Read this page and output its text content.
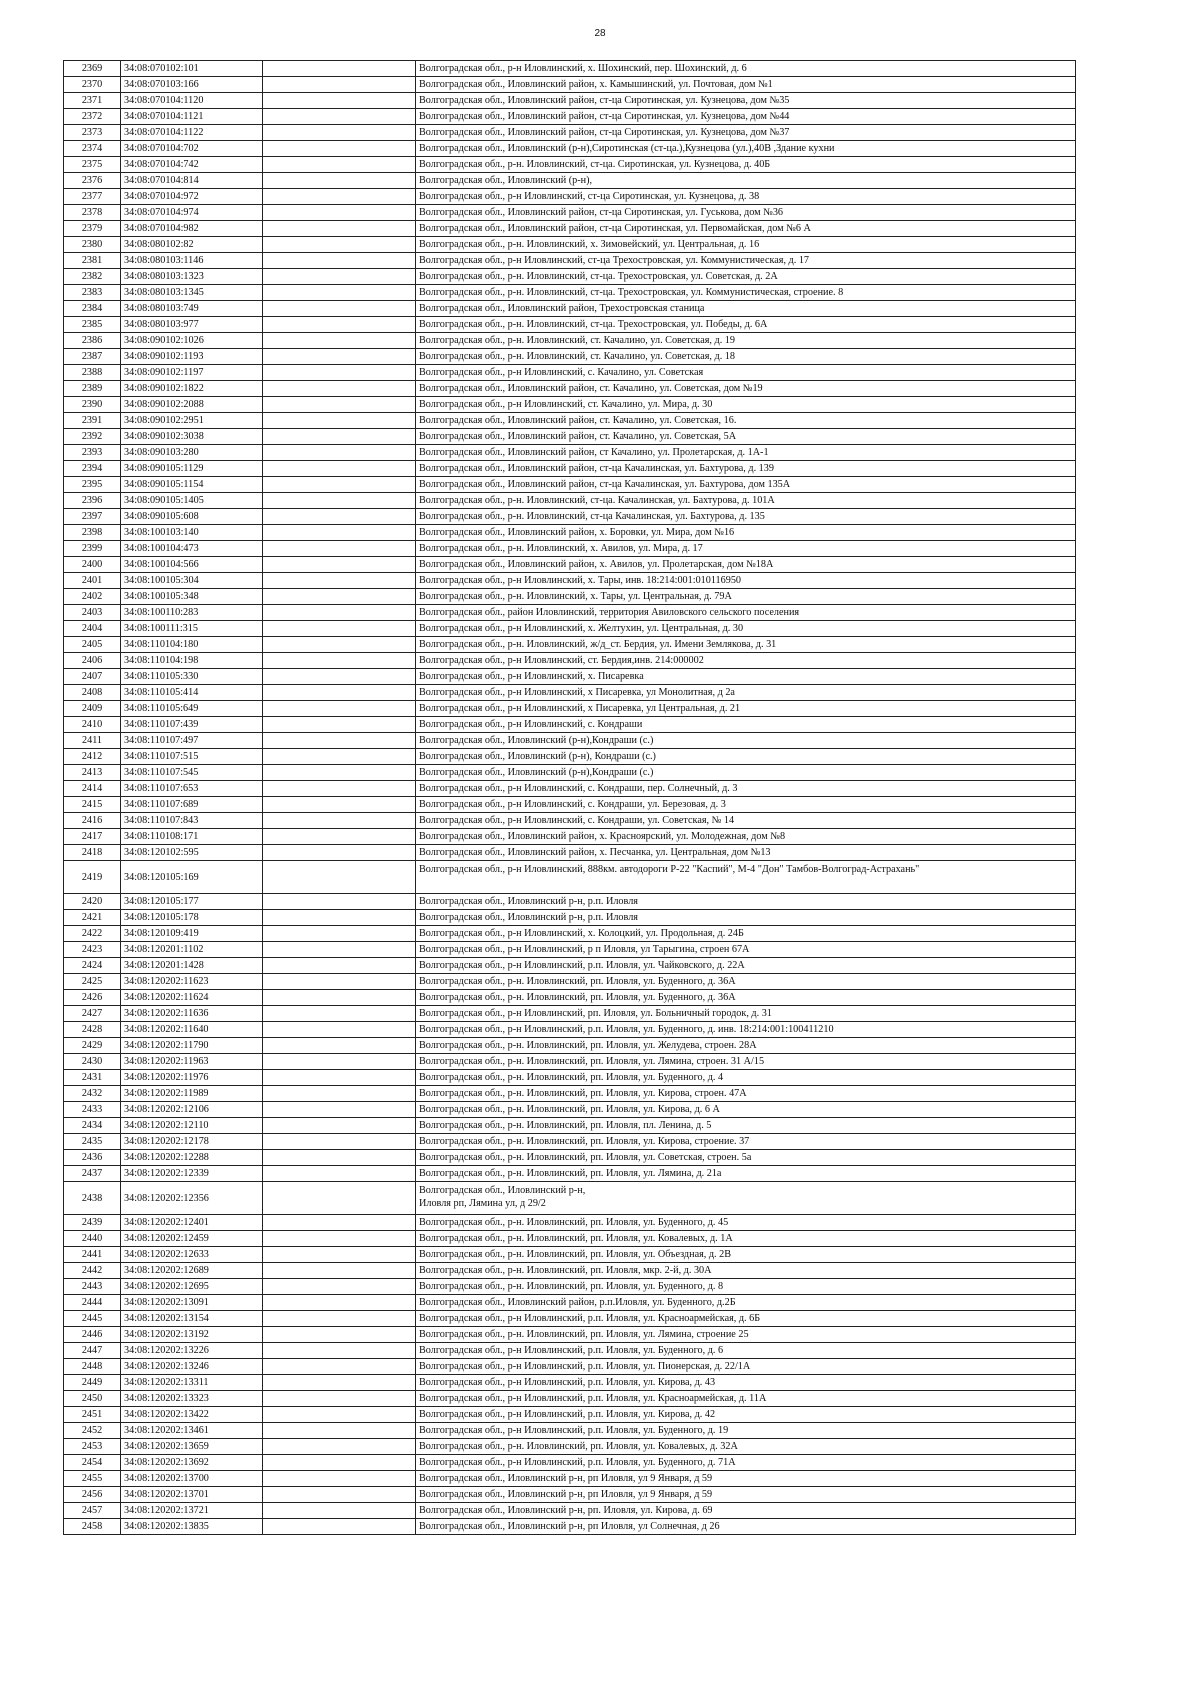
28
2369	34:08:070102:101		Волгоградская обл., р-н Иловлинский, х. Шохинский, пер. Шохинский, д. 6

2370	34:08:070103:166		Волгоградская обл., Иловлинский район, х. Камышинский, ул. Почтовая, дом №1

2371	34:08:070104:1120		Волгоградская обл., Иловлинский район, ст-ца Сиротинская, ул. Кузнецова, дом №35

2372	34:08:070104:1121		Волгоградская обл., Иловлинский район, ст-ца Сиротинская, ул. Кузнецова, дом №44

2373	34:08:070104:1122		Волгоградская обл., Иловлинский район, ст-ца Сиротинская, ул. Кузнецова, дом №37

2374	34:08:070104:702		Волгоградская обл., Иловлинский (р-н),Сиротинская (ст-ца.),Кузнецова (ул.),40В ,Здание кухни

2375	34:08:070104:742		Волгоградская обл., р-н. Иловлинский, ст-ца. Сиротинская, ул. Кузнецова, д. 40Б

2376	34:08:070104:814		Волгоградская обл., Иловлинский (р-н),

2377	34:08:070104:972		Волгоградская обл., р-н Иловлинский, ст-ца Сиротинская, ул. Кузнецова, д. 38

2378	34:08:070104:974		Волгоградская обл., Иловлинский район, ст-ца Сиротинская, ул. Гуськова, дом №36

2379	34:08:070104:982		Волгоградская обл., Иловлинский район, ст-ца Сиротинская, ул. Первомайская, дом №6 А

2380	34:08:080102:82		Волгоградская обл., р-н. Иловлинский, х. Зимовейский, ул. Центральная, д. 16

2381	34:08:080103:1146		Волгоградская обл., р-н Иловлинский, ст-ца Трехостровская, ул. Коммунистическая, д. 17

2382	34:08:080103:1323		Волгоградская обл., р-н. Иловлинский, ст-ца. Трехостровская, ул. Советская, д. 2А

2383	34:08:080103:1345		Волгоградская обл., р-н. Иловлинский, ст-ца. Трехостровская, ул. Коммунистическая, строение. 8

2384	34:08:080103:749		Волгоградская обл., Иловлинский район, Трехостровская станица

2385	34:08:080103:977		Волгоградская обл., р-н. Иловлинский, ст-ца. Трехостровская, ул. Победы, д. 6А

2386	34:08:090102:1026		Волгоградская обл., р-н. Иловлинский, ст. Качалино, ул. Советская, д. 19

2387	34:08:090102:1193		Волгоградская обл., р-н. Иловлинский, ст. Качалино, ул. Советская, д. 18

2388	34:08:090102:1197		Волгоградская обл., р-н Иловлинский, с. Качалино, ул. Советская

2389	34:08:090102:1822		Волгоградская обл., Иловлинский район, ст. Качалино, ул. Советская, дом №19

2390	34:08:090102:2088		Волгоградская обл., р-н Иловлинский, ст. Качалино, ул. Мира, д. 30

2391	34:08:090102:2951		Волгоградская обл., Иловлинский район, ст. Качалино, ул. Советская, 16.

2392	34:08:090102:3038		Волгоградская обл., Иловлинский район, ст. Качалино, ул. Советская, 5А

2393	34:08:090103:280		Волгоградская обл., Иловлинский район, ст Качалино, ул. Пролетарская, д. 1А-1

2394	34:08:090105:1129		Волгоградская обл., Иловлинский район, ст-ца Качалинская, ул. Бахтурова, д. 139

2395	34:08:090105:1154		Волгоградская обл., Иловлинский район, ст-ца Качалинская, ул. Бахтурова, дом 135А

2396	34:08:090105:1405		Волгоградская обл., р-н. Иловлинский, ст-ца. Качалинская, ул. Бахтурова, д. 101А

2397	34:08:090105:608		Волгоградская обл., р-н. Иловлинский, ст-ца Качалинская, ул. Бахтурова, д. 135

2398	34:08:100103:140		Волгоградская обл., Иловлинский район, х. Боровки, ул. Мира, дом №16

2399	34:08:100104:473		Волгоградская обл., р-н. Иловлинский, х. Авилов, ул. Мира, д. 17

2400	34:08:100104:566		Волгоградская обл., Иловлинский район, х. Авилов, ул. Пролетарская, дом №18А

2401	34:08:100105:304		Волгоградская обл., р-н Иловлинский, х. Тары, инв. 18:214:001:010116950

2402	34:08:100105:348		Волгоградская обл., р-н. Иловлинский, х. Тары, ул. Центральная, д. 79А

2403	34:08:100110:283		Волгоградская обл., район Иловлинский, территория Авиловского сельского поселения

2404	34:08:100111:315		Волгоградская обл., р-н Иловлинский, х. Желтухин, ул. Центральная, д. 30

2405	34:08:110104:180		Волгоградская обл., р-н. Иловлинский, ж/д_ст. Бердия, ул. Имени Землякова, д. 31

2406	34:08:110104:198		Волгоградская обл., р-н Иловлинский, ст. Бердия,инв. 214:000002

2407	34:08:110105:330		Волгоградская обл., р-н Иловлинский, х. Писаревка

2408	34:08:110105:414		Волгоградская обл., р-н Иловлинский, х Писаревка, ул Монолитная, д 2а

2409	34:08:110105:649		Волгоградская обл., р-н Иловлинский, х Писаревка, ул Центральная, д. 21

2410	34:08:110107:439		Волгоградская обл., р-н Иловлинский, с. Кондраши

2411	34:08:110107:497		Волгоградская обл., Иловлинский (р-н),Кондраши (с.)

2412	34:08:110107:515		Волгоградская обл., Иловлинский (р-н), Кондраши (с.)

2413	34:08:110107:545		Волгоградская обл., Иловлинский (р-н),Кондраши (с.)

2414	34:08:110107:653		Волгоградская обл., р-н Иловлинский, с. Кондраши, пер. Солнечный, д. 3

2415	34:08:110107:689		Волгоградская обл., р-н Иловлинский, с. Кондраши, ул. Березовая, д. 3

2416	34:08:110107:843		Волгоградская обл., р-н Иловлинский, с. Кондраши, ул. Советская, № 14

2417	34:08:110108:171		Волгоградская обл., Иловлинский район, х. Красноярский, ул. Молодежная, дом №8

2418	34:08:120102:595		Волгоградская обл., Иловлинский район, х. Песчанка, ул. Центральная, дом №13

2419	34:08:120105:169		Волгоградская обл., р-н Иловлинский, 888км. автодороги Р-22 "Каспий", М-4 "Дон" Тамбов-Волгоград-Астрахань"

2420	34:08:120105:177		Волгоградская обл., Иловлинский р-н, р.п. Иловля

2421	34:08:120105:178		Волгоградская обл., Иловлинский р-н, р.п. Иловля

2422	34:08:120109:419		Волгоградская обл., р-н Иловлинский, х. Колоцкий, ул. Продольная, д. 24Б

2423	34:08:120201:1102		Волгоградская обл., р-н Иловлинский, р п Иловля, ул Тарыгина, строен 67А

2424	34:08:120201:1428		Волгоградская обл., р-н Иловлинский, р.п. Иловля, ул. Чайковского, д. 22А

2425	34:08:120202:11623		Волгоградская обл., р-н. Иловлинский, рп. Иловля, ул. Буденного, д. 36А

2426	34:08:120202:11624		Волгоградская обл., р-н. Иловлинский, рп. Иловля, ул. Буденного, д. 36А

2427	34:08:120202:11636		Волгоградская обл., р-н Иловлинский, рп. Иловля, ул. Больничный городок, д. 31

2428	34:08:120202:11640		Волгоградская обл., р-н Иловлинский, р.п. Иловля, ул. Буденного, д. инв. 18:214:001:100411210

2429	34:08:120202:11790		Волгоградская обл., р-н. Иловлинский, рп. Иловля, ул. Желудева, строен. 28А

2430	34:08:120202:11963		Волгоградская обл., р-н. Иловлинский, рп. Иловля, ул. Лямина, строен. 31 А/15

2431	34:08:120202:11976		Волгоградская обл., р-н. Иловлинский, рп. Иловля, ул. Буденного, д. 4

2432	34:08:120202:11989		Волгоградская обл., р-н. Иловлинский, рп. Иловля, ул. Кирова, строен. 47А

2433	34:08:120202:12106		Волгоградская обл., р-н. Иловлинский, рп. Иловля, ул. Кирова, д. 6 А

2434	34:08:120202:12110		Волгоградская обл., р-н. Иловлинский, рп. Иловля, пл. Ленина, д. 5

2435	34:08:120202:12178		Волгоградская обл., р-н. Иловлинский, рп. Иловля, ул. Кирова, строение. 37

2436	34:08:120202:12288		Волгоградская обл., р-н. Иловлинский, рп. Иловля, ул. Советская, строен. 5а

2437	34:08:120202:12339		Волгоградская обл., р-н. Иловлинский, рп. Иловля, ул. Лямина, д. 21а

2438	34:08:120202:12356		Волгоградская обл., Иловлинский р-н,
Иловля рп, Лямина ул, д 29/2

2439	34:08:120202:12401		Волгоградская обл., р-н. Иловлинский, рп. Иловля, ул. Буденного, д. 45

2440	34:08:120202:12459		Волгоградская обл., р-н. Иловлинский, рп. Иловля, ул. Ковалевых, д. 1А

2441	34:08:120202:12633		Волгоградская обл., р-н. Иловлинский, рп. Иловля, ул. Объездная, д. 2В

2442	34:08:120202:12689		Волгоградская обл., р-н. Иловлинский, рп. Иловля, мкр. 2-й, д. 30А

2443	34:08:120202:12695		Волгоградская обл., р-н. Иловлинский, рп. Иловля, ул. Буденного, д. 8

2444	34:08:120202:13091		Волгоградская обл., Иловлинский район, р.п.Иловля, ул. Буденного, д.2Б

2445	34:08:120202:13154		Волгоградская обл., р-н Иловлинский, р.п. Иловля, ул. Красноармейская, д. 6Б

2446	34:08:120202:13192		Волгоградская обл., р-н. Иловлинский, рп. Иловля, ул. Лямина, строение 25

2447	34:08:120202:13226		Волгоградская обл., р-н Иловлинский, р.п. Иловля, ул. Буденного, д. 6

2448	34:08:120202:13246		Волгоградская обл., р-н Иловлинский, р.п. Иловля, ул. Пионерская, д. 22/1А

2449	34:08:120202:13311		Волгоградская обл., р-н Иловлинский, р.п. Иловля, ул. Кирова, д. 43

2450	34:08:120202:13323		Волгоградская обл., р-н Иловлинский, р.п. Иловля, ул. Красноармейская, д. 11А

2451	34:08:120202:13422		Волгоградская обл., р-н Иловлинский, р.п. Иловля, ул. Кирова, д. 42

2452	34:08:120202:13461		Волгоградская обл., р-н Иловлинский, р.п. Иловля, ул. Буденного, д. 19

2453	34:08:120202:13659		Волгоградская обл., р-н. Иловлинский, рп. Иловля, ул. Ковалевых, д. 32А

2454	34:08:120202:13692		Волгоградская обл., р-н Иловлинский, р.п. Иловля, ул. Буденного, д. 71А

2455	34:08:120202:13700		Волгоградская обл., Иловлинский р-н, рп Иловля, ул 9 Января, д 59

2456	34:08:120202:13701		Волгоградская обл., Иловлинский р-н, рп Иловля, ул 9 Января, д 59

2457	34:08:120202:13721		Волгоградская обл., Иловлинский р-н, рп. Иловля, ул. Кирова, д. 69

2458	34:08:120202:13835		Волгоградская обл., Иловлинский р-н, рп Иловля, ул Солнечная, д 26
